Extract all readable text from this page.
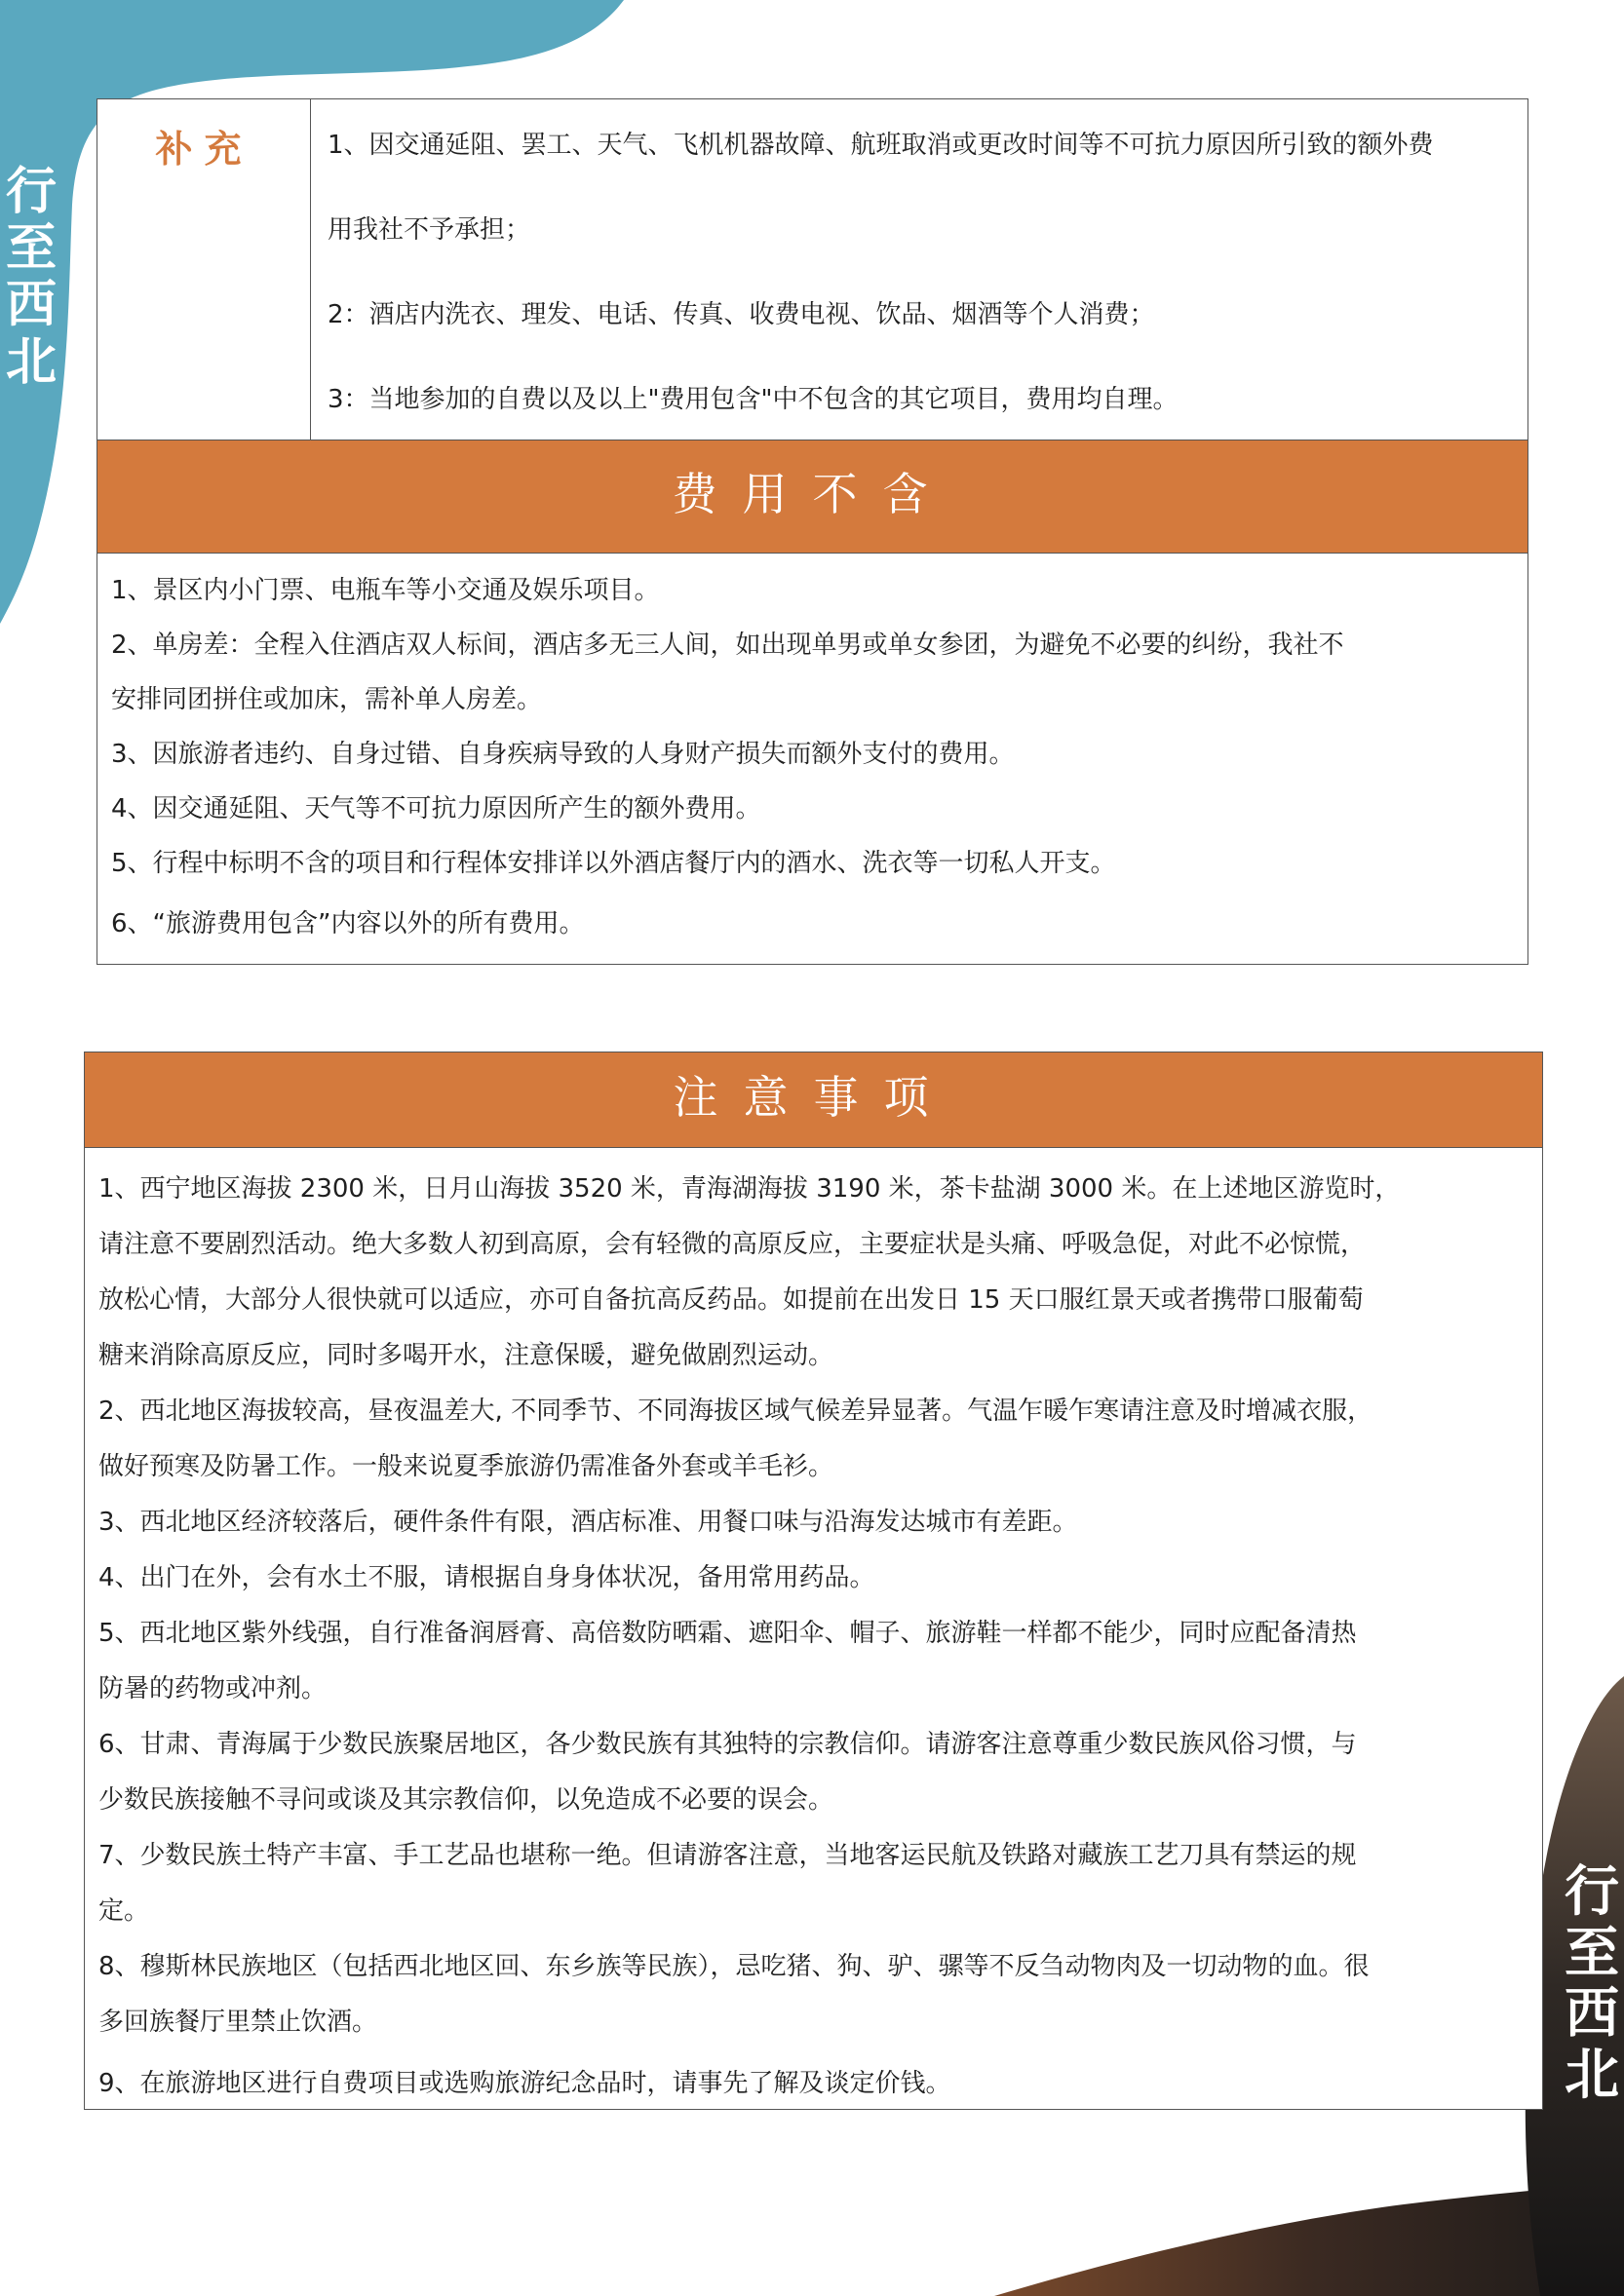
行
至
西
北
行
至
西
北
补充	1、因交通延阻、罢工、天气、飞机机器故障、航班取消或更改时间等不可抗力原因所引致的额外费
用我社不予承担；
2：酒店内洗衣、理发、电话、传真、收费电视、饮品、烟酒等个人消费；
3：当地参加的自费以及以上"费用包含"中不包含的其它项目，费用均自理。
费用不含
1、景区内小门票、电瓶车等小交通及娱乐项目。
2、单房差：全程入住酒店双人标间，酒店多无三人间，如出现单男或单女参团，为避免不必要的纠纷，我社不
安排同团拼住或加床，需补单人房差。
3、因旅游者违约、自身过错、自身疾病导致的人身财产损失而额外支付的费用。
4、因交通延阻、天气等不可抗力原因所产生的额外费用。
5、行程中标明不含的项目和行程体安排详以外酒店餐厅内的酒水、洗衣等一切私人开支。
6、“旅游费用包含”内容以外的所有费用。
注意事项
1、西宁地区海拔 2300 米，日月山海拔 3520 米，青海湖海拔 3190 米，茶卡盐湖 3000 米。在上述地区游览时，
请注意不要剧烈活动。绝大多数人初到高原，会有轻微的高原反应，主要症状是头痛、呼吸急促，对此不必惊慌，
放松心情，大部分人很快就可以适应，亦可自备抗高反药品。如提前在出发日 15 天口服红景天或者携带口服葡萄
糖来消除高原反应，同时多喝开水，注意保暖，避免做剧烈运动。
2、西北地区海拔较高，昼夜温差大, 不同季节、不同海拔区域气候差异显著。气温乍暖乍寒请注意及时增减衣服，
做好预寒及防暑工作。一般来说夏季旅游仍需准备外套或羊毛衫。
3、西北地区经济较落后，硬件条件有限，酒店标准、用餐口味与沿海发达城市有差距。
4、出门在外，会有水土不服，请根据自身身体状况，备用常用药品。
5、西北地区紫外线强，自行准备润唇膏、高倍数防晒霜、遮阳伞、帽子、旅游鞋一样都不能少，同时应配备清热
防暑的药物或冲剂。
6、甘肃、青海属于少数民族聚居地区，各少数民族有其独特的宗教信仰。请游客注意尊重少数民族风俗习惯，与
少数民族接触不寻问或谈及其宗教信仰，以免造成不必要的误会。
7、少数民族土特产丰富、手工艺品也堪称一绝。但请游客注意，当地客运民航及铁路对藏族工艺刀具有禁运的规
定。
8、穆斯林民族地区（包括西北地区回、东乡族等民族），忌吃猪、狗、驴、骡等不反刍动物肉及一切动物的血。很
多回族餐厅里禁止饮酒。
9、在旅游地区进行自费项目或选购旅游纪念品时，请事先了解及谈定价钱。
